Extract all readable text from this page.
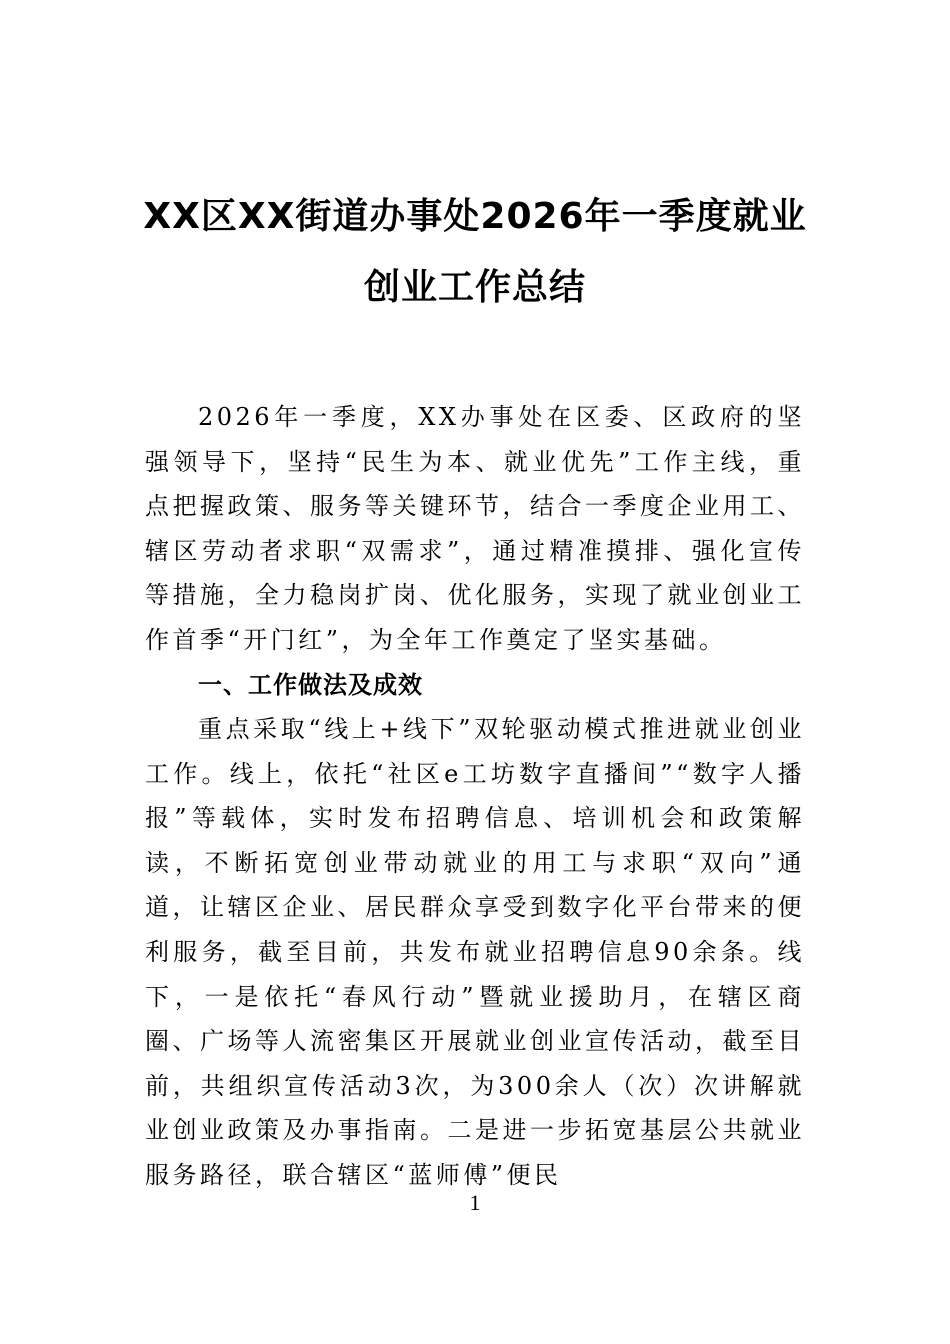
XX区XX街道办事处2026年一季度就业
创业工作总结

2026年一季度，XX办事处在区委、区政府的坚强领导下，坚持“民生为本、就业优先”工作主线，重点把握政策、服务等关键环节，结合一季度企业用工、辖区劳动者求职“双需求”，通过精准摸排、强化宣传等措施，全力稳岗扩岗、优化服务，实现了就业创业工作首季“开门红”，为全年工作奠定了坚实基础。

一、工作做法及成效

重点采取“线上+线下”双轮驱动模式推进就业创业工作。线上，依托“社区e工坊数字直播间”“数字人播报”等载体，实时发布招聘信息、培训机会和政策解读，不断拓宽创业带动就业的用工与求职“双向”通道，让辖区企业、居民群众享受到数字化平台带来的便利服务，截至目前，共发布就业招聘信息90余条。线下，一是依托“春风行动”暨就业援助月，在辖区商圈、广场等人流密集区开展就业创业宣传活动，截至目前，共组织宣传活动3次，为300余人（次）次讲解就业创业政策及办事指南。二是进一步拓宽基层公共就业服务路径，联合辖区“蓝师傅”便民

1
